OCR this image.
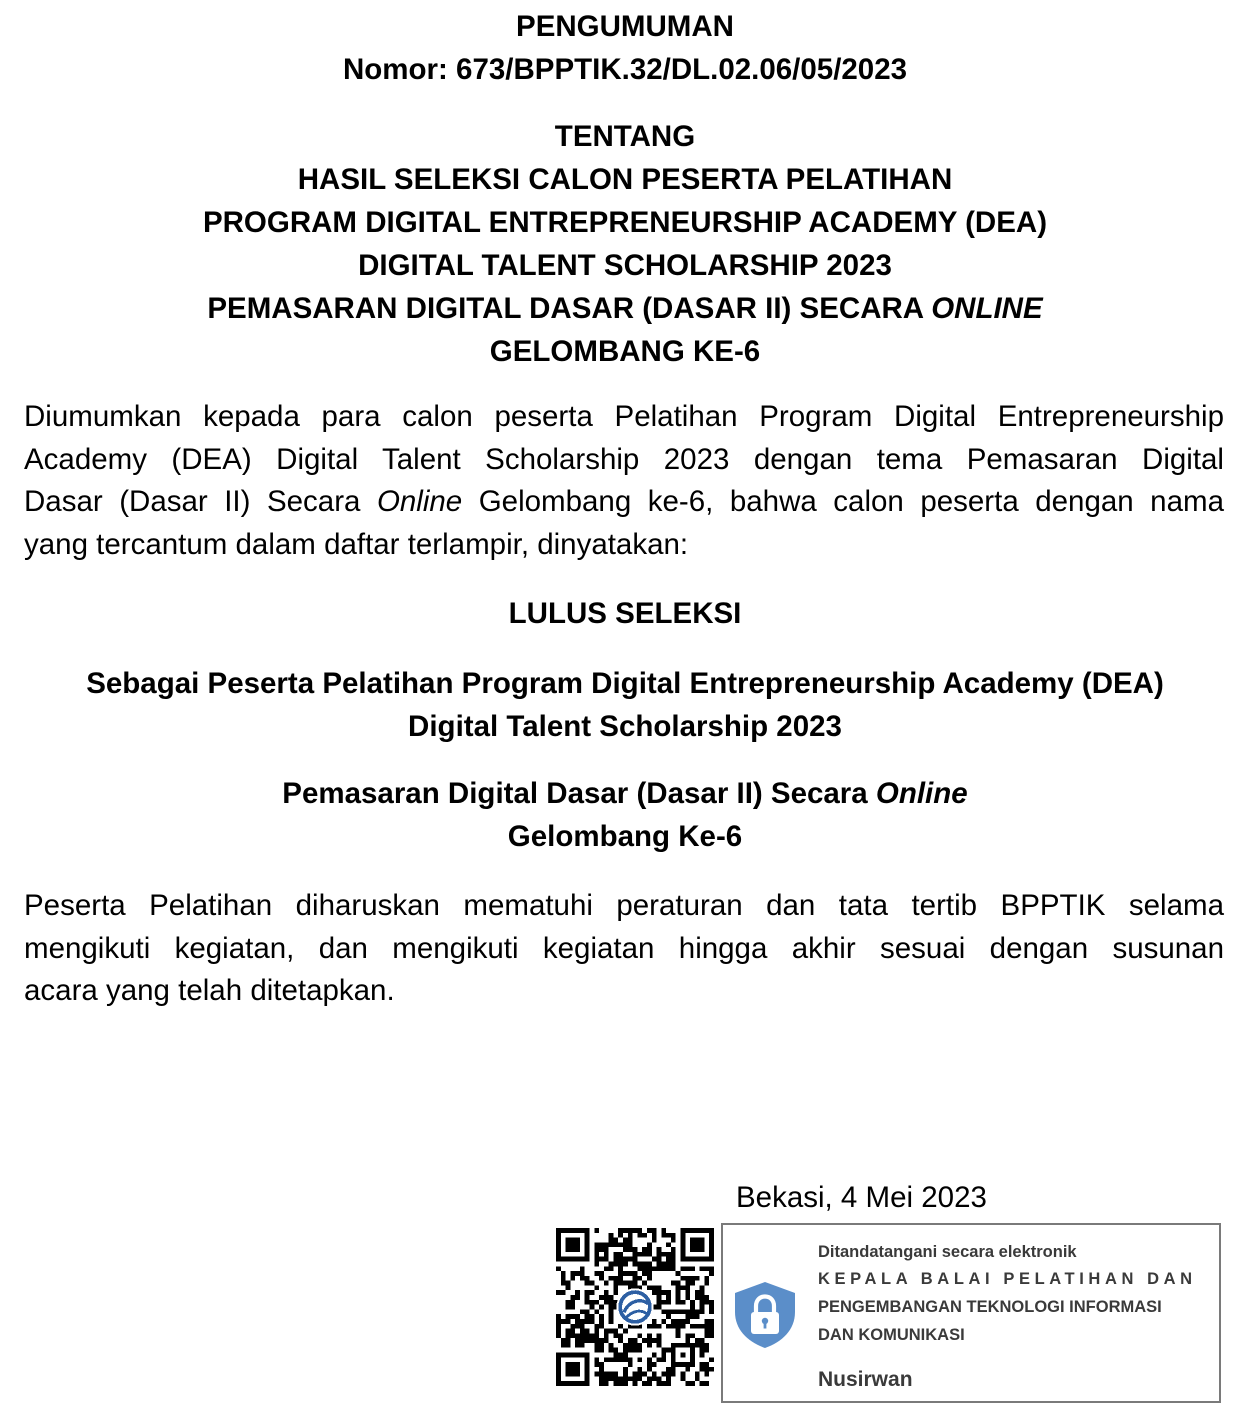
PENGUMUMAN
Nomor: 673/BPPTIK.32/DL.02.06/05/2023
TENTANG
HASIL SELEKSI CALON PESERTA PELATIHAN
PROGRAM DIGITAL ENTREPRENEURSHIP ACADEMY (DEA)
DIGITAL TALENT SCHOLARSHIP 2023
PEMASARAN DIGITAL DASAR (DASAR II) SECARA ONLINE
GELOMBANG KE-6
Diumumkan kepada para calon peserta Pelatihan Program Digital Entrepreneurship
Academy (DEA) Digital Talent Scholarship 2023 dengan tema Pemasaran Digital
Dasar (Dasar II) Secara Online Gelombang ke-6, bahwa calon peserta dengan nama
yang tercantum dalam daftar terlampir, dinyatakan:
LULUS SELEKSI
Sebagai Peserta Pelatihan Program Digital Entrepreneurship Academy (DEA)
Digital Talent Scholarship 2023
Pemasaran Digital Dasar (Dasar II) Secara Online
Gelombang Ke-6
Peserta Pelatihan diharuskan mematuhi peraturan dan tata tertib BPPTIK selama
mengikuti kegiatan, dan mengikuti kegiatan hingga akhir sesuai dengan susunan
acara yang telah ditetapkan.
Bekasi, 4 Mei 2023
Ditandatangani secara elektronik
KEPALA BALAI PELATIHAN DAN
PENGEMBANGAN TEKNOLOGI INFORMASI
DAN KOMUNIKASI
Nusirwan
